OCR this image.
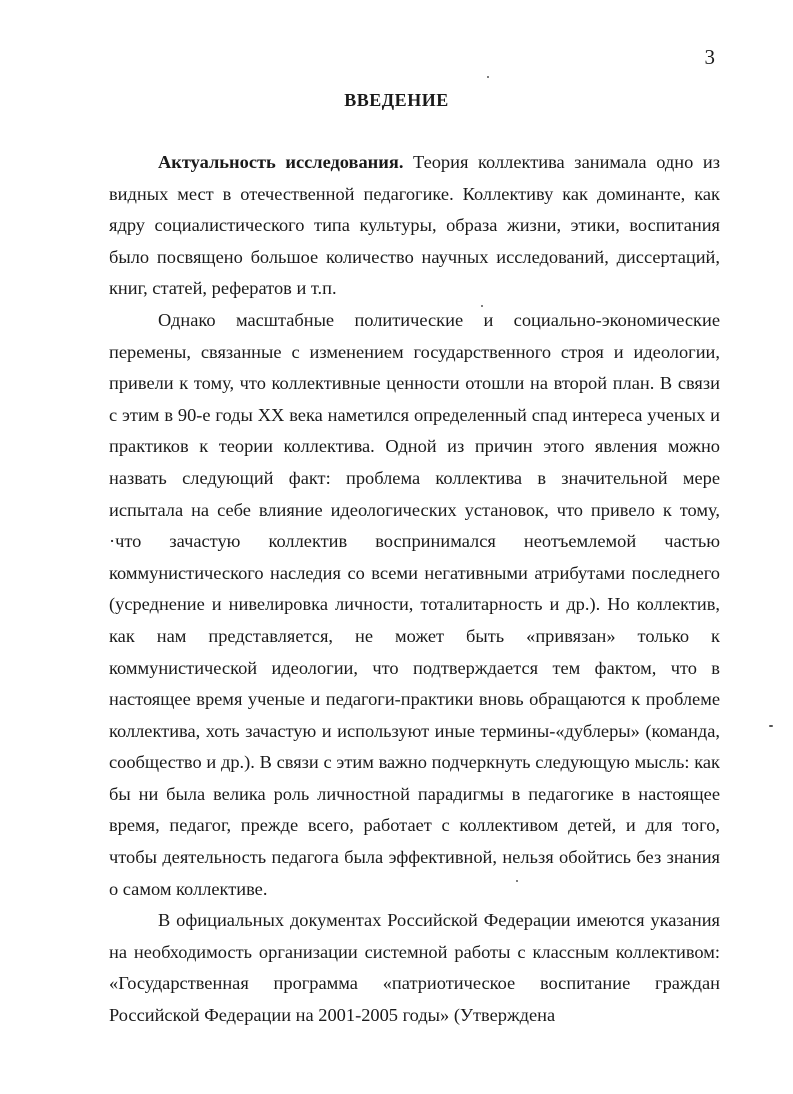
3
ВВЕДЕНИЕ

Актуальность исследования. Теория коллектива занимала одно из видных мест в отечественной педагогике. Коллективу как доминанте, как ядру социалистического типа культуры, образа жизни, этики, воспитания было посвящено большое количество научных исследований, диссертаций, книг, статей, рефератов и т.п.

Однако масштабные политические и социально-экономические перемены, связанные с изменением государственного строя и идеологии, привели к тому, что коллективные ценности отошли на второй план. В связи с этим в 90-е годы XX века наметился определенный спад интереса ученых и практиков к теории коллектива. Одной из причин этого явления можно назвать следующий факт: проблема коллектива в значительной мере испытала на себе влияние идеологических установок, что привело к тому, ·что зачастую коллектив воспринимался неотъемлемой частью коммунистического наследия со всеми негативными атрибутами последнего (усреднение и нивелировка личности, тоталитарность и др.). Но коллектив, как нам представляется, не может быть «привязан» только к коммунистической идеологии, что подтверждается тем фактом, что в настоящее время ученые и педагоги-практики вновь обращаются к проблеме коллектива, хоть зачастую и используют иные термины-«дублеры» (команда, сообщество и др.). В связи с этим важно подчеркнуть следующую мысль: как бы ни была велика роль личностной парадигмы в педагогике в настоящее время, педагог, прежде всего, работает с коллективом детей, и для того, чтобы деятельность педагога была эффективной, нельзя обойтись без знания о самом коллективе.

В официальных документах Российской Федерации имеются указания на необходимость организации системной работы с классным коллективом: «Государственная программа «патриотическое воспитание граждан Российской Федерации на 2001-2005 годы» (Утверждена
